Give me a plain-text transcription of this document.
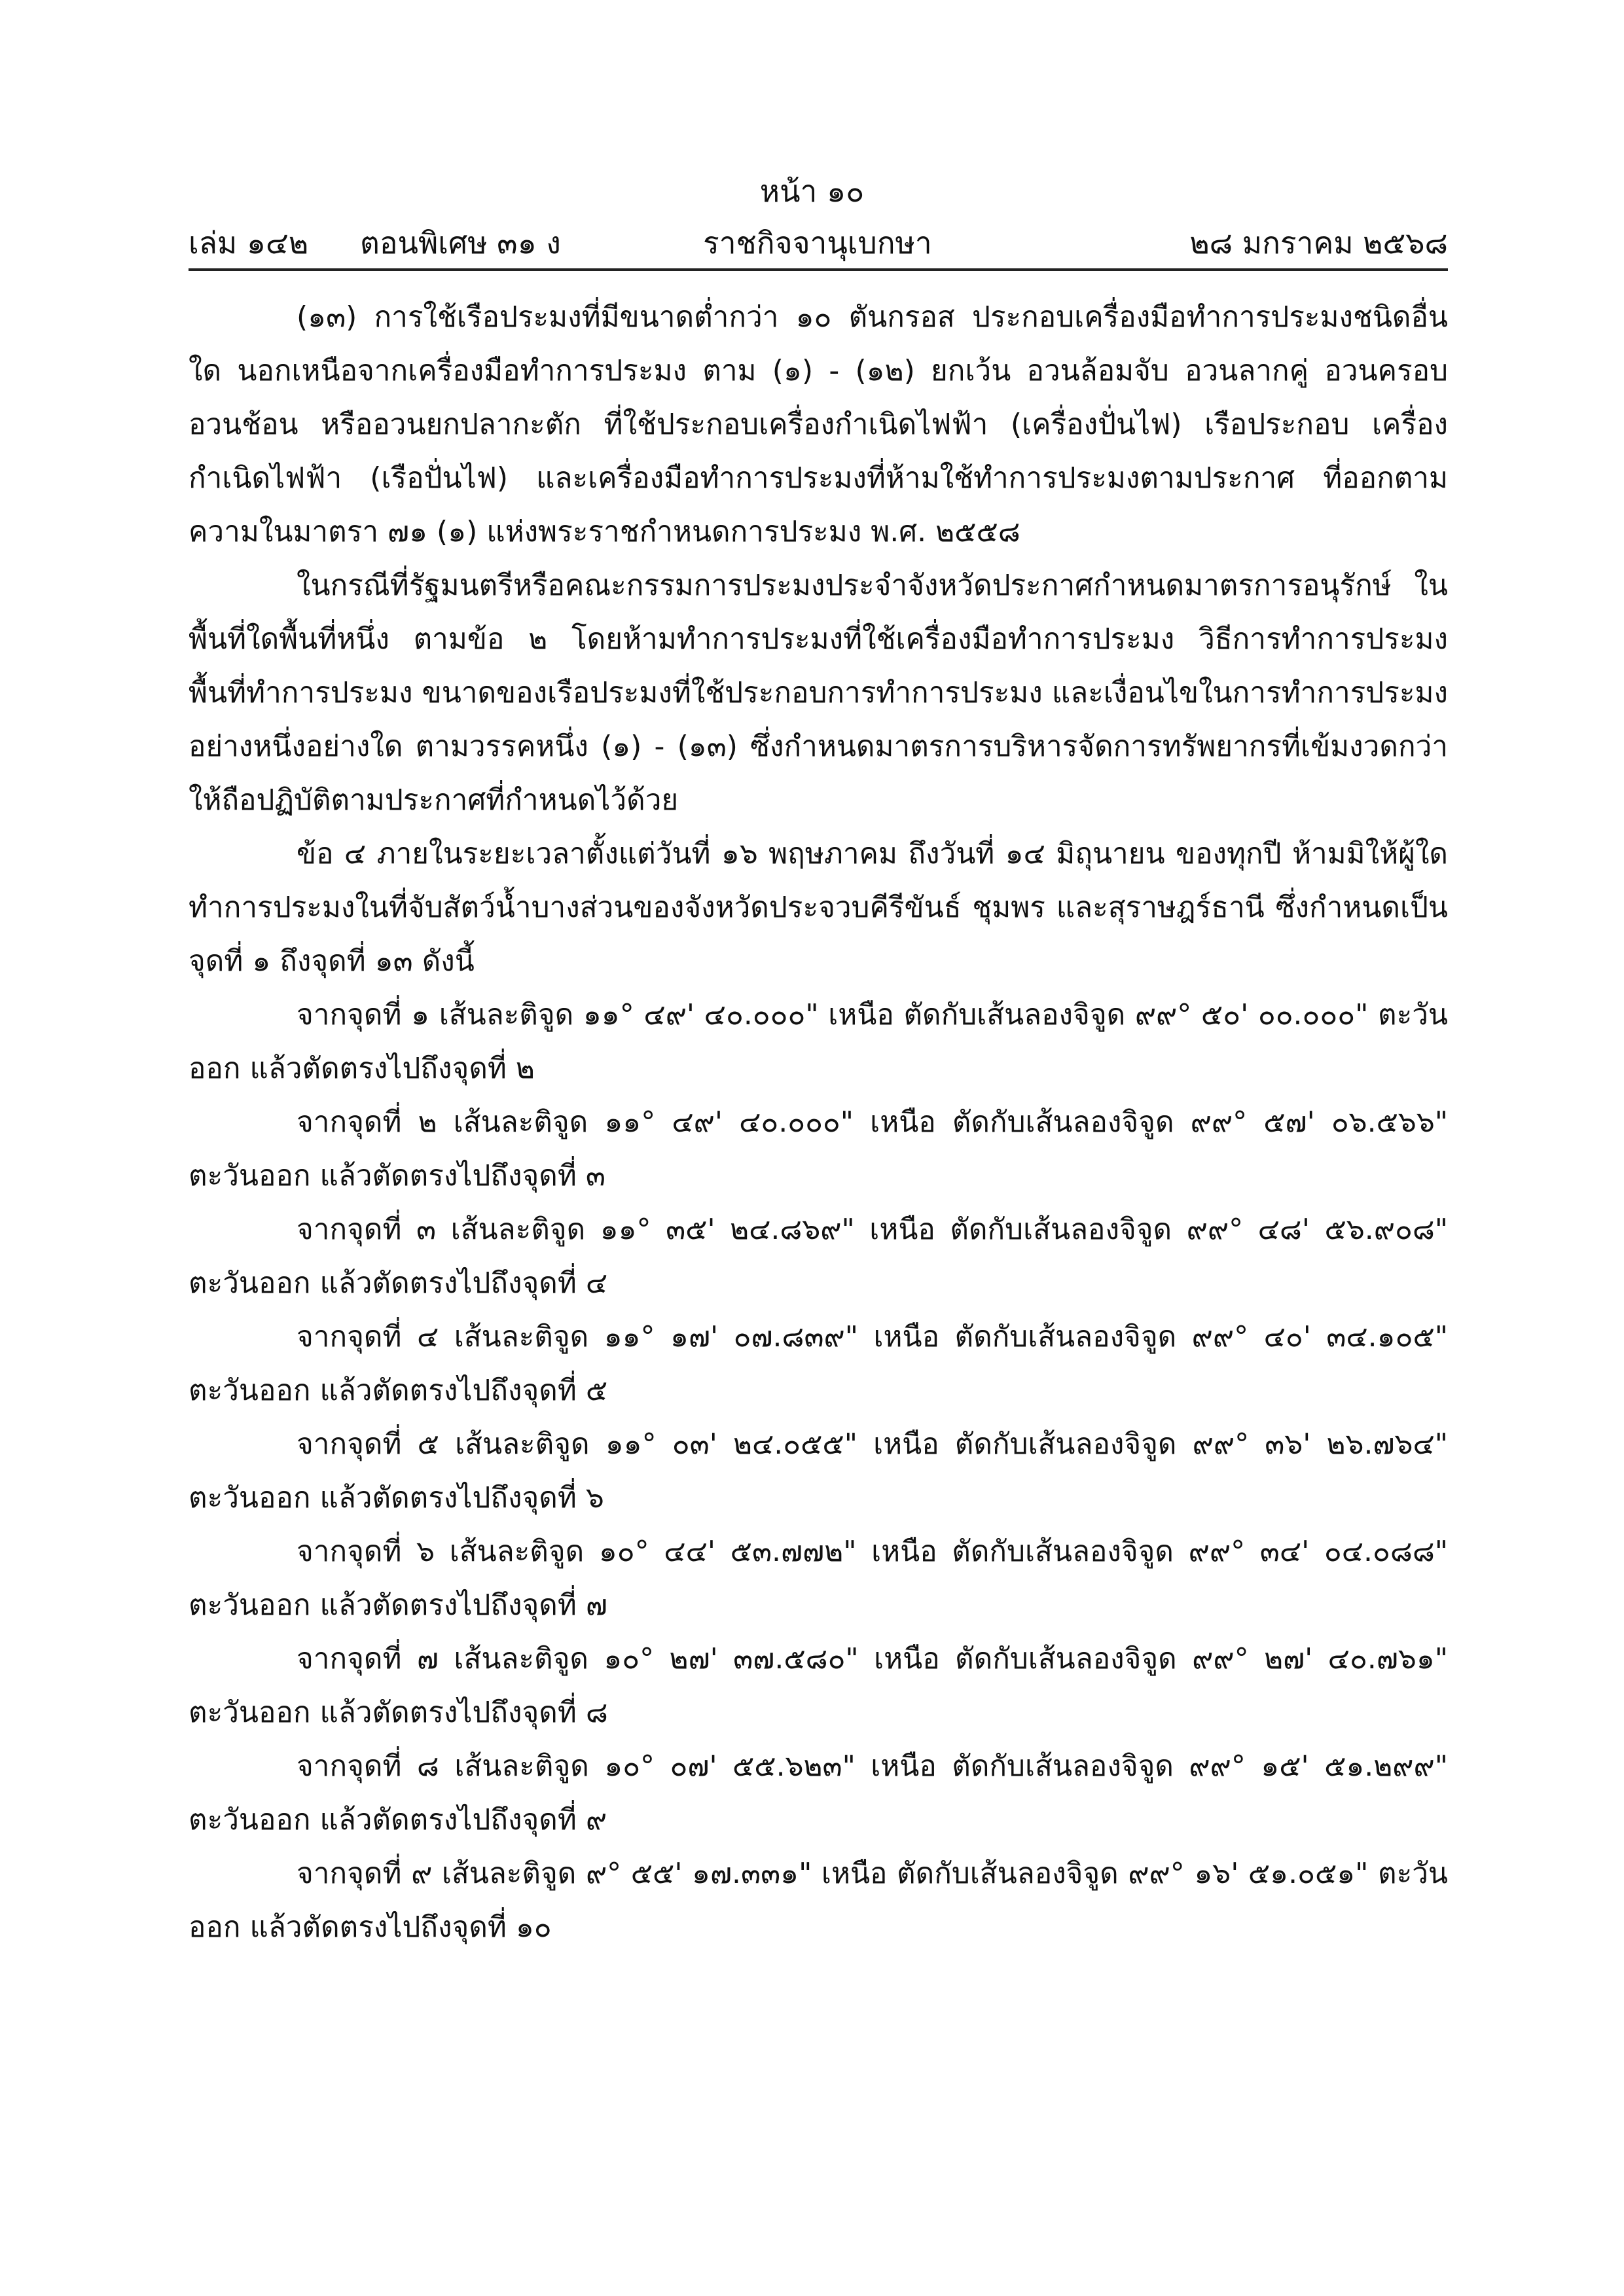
หน้า ๑๐
เล่ม ๑๔๒ ตอนพิเศษ ๓๑ ง	ราชกิจจานุเบกษา	๒๘ มกราคม ๒๕๖๘

(๑๓) การใช้เรือประมงที่มีขนาดต่ำกว่า ๑๐ ตันกรอส ประกอบเครื่องมือทำการประมงชนิดอื่นใด นอกเหนือจากเครื่องมือทำการประมง ตาม (๑) - (๑๒) ยกเว้น อวนล้อมจับ อวนลากคู่ อวนครอบ อวนช้อน หรืออวนยกปลากะตัก ที่ใช้ประกอบเครื่องกำเนิดไฟฟ้า (เครื่องปั่นไฟ) เรือประกอบ เครื่องกำเนิดไฟฟ้า (เรือปั่นไฟ) และเครื่องมือทำการประมงที่ห้ามใช้ทำการประมงตามประกาศ ที่ออกตามความในมาตรา ๗๑ (๑) แห่งพระราชกำหนดการประมง พ.ศ. ๒๕๕๘

ในกรณีที่รัฐมนตรีหรือคณะกรรมการประมงประจำจังหวัดประกาศกำหนดมาตรการอนุรักษ์ ในพื้นที่ใดพื้นที่หนึ่ง ตามข้อ ๒ โดยห้ามทำการประมงที่ใช้เครื่องมือทำการประมง วิธีการทำการประมง พื้นที่ทำการประมง ขนาดของเรือประมงที่ใช้ประกอบการทำการประมง และเงื่อนไขในการทำการประมง อย่างหนึ่งอย่างใด ตามวรรคหนึ่ง (๑) - (๑๓) ซึ่งกำหนดมาตรการบริหารจัดการทรัพยากรที่เข้มงวดกว่า ให้ถือปฏิบัติตามประกาศที่กำหนดไว้ด้วย

ข้อ ๔ ภายในระยะเวลาตั้งแต่วันที่ ๑๖ พฤษภาคม ถึงวันที่ ๑๔ มิถุนายน ของทุกปี ห้ามมิให้ผู้ใดทำการประมงในที่จับสัตว์น้ำบางส่วนของจังหวัดประจวบคีรีขันธ์ ชุมพร และสุราษฎร์ธานี ซึ่งกำหนดเป็นจุดที่ ๑ ถึงจุดที่ ๑๓ ดังนี้

จากจุดที่ ๑ เส้นละติจูด ๑๑° ๔๙' ๔๐.๐๐๐" เหนือ ตัดกับเส้นลองจิจูด ๙๙° ๕๐' ๐๐.๐๐๐" ตะวันออก แล้วตัดตรงไปถึงจุดที่ ๒

จากจุดที่ ๒ เส้นละติจูด ๑๑° ๔๙' ๔๐.๐๐๐" เหนือ ตัดกับเส้นลองจิจูด ๙๙° ๕๗' ๐๖.๕๖๖" ตะวันออก แล้วตัดตรงไปถึงจุดที่ ๓

จากจุดที่ ๓ เส้นละติจูด ๑๑° ๓๕' ๒๔.๘๖๙" เหนือ ตัดกับเส้นลองจิจูด ๙๙° ๔๘' ๕๖.๙๐๘" ตะวันออก แล้วตัดตรงไปถึงจุดที่ ๔

จากจุดที่ ๔ เส้นละติจูด ๑๑° ๑๗' ๐๗.๘๓๙" เหนือ ตัดกับเส้นลองจิจูด ๙๙° ๔๐' ๓๔.๑๐๕" ตะวันออก แล้วตัดตรงไปถึงจุดที่ ๕

จากจุดที่ ๕ เส้นละติจูด ๑๑° ๐๓' ๒๔.๐๕๕" เหนือ ตัดกับเส้นลองจิจูด ๙๙° ๓๖' ๒๖.๗๖๔" ตะวันออก แล้วตัดตรงไปถึงจุดที่ ๖

จากจุดที่ ๖ เส้นละติจูด ๑๐° ๔๔' ๕๓.๗๗๒" เหนือ ตัดกับเส้นลองจิจูด ๙๙° ๓๔' ๐๔.๐๘๘" ตะวันออก แล้วตัดตรงไปถึงจุดที่ ๗

จากจุดที่ ๗ เส้นละติจูด ๑๐° ๒๗' ๓๗.๕๘๐" เหนือ ตัดกับเส้นลองจิจูด ๙๙° ๒๗' ๔๐.๗๖๑" ตะวันออก แล้วตัดตรงไปถึงจุดที่ ๘

จากจุดที่ ๘ เส้นละติจูด ๑๐° ๐๗' ๕๕.๖๒๓" เหนือ ตัดกับเส้นลองจิจูด ๙๙° ๑๕' ๕๑.๒๙๙" ตะวันออก แล้วตัดตรงไปถึงจุดที่ ๙

จากจุดที่ ๙ เส้นละติจูด ๙° ๕๕' ๑๗.๓๓๑" เหนือ ตัดกับเส้นลองจิจูด ๙๙° ๑๖' ๕๑.๐๕๑" ตะวันออก แล้วตัดตรงไปถึงจุดที่ ๑๐
